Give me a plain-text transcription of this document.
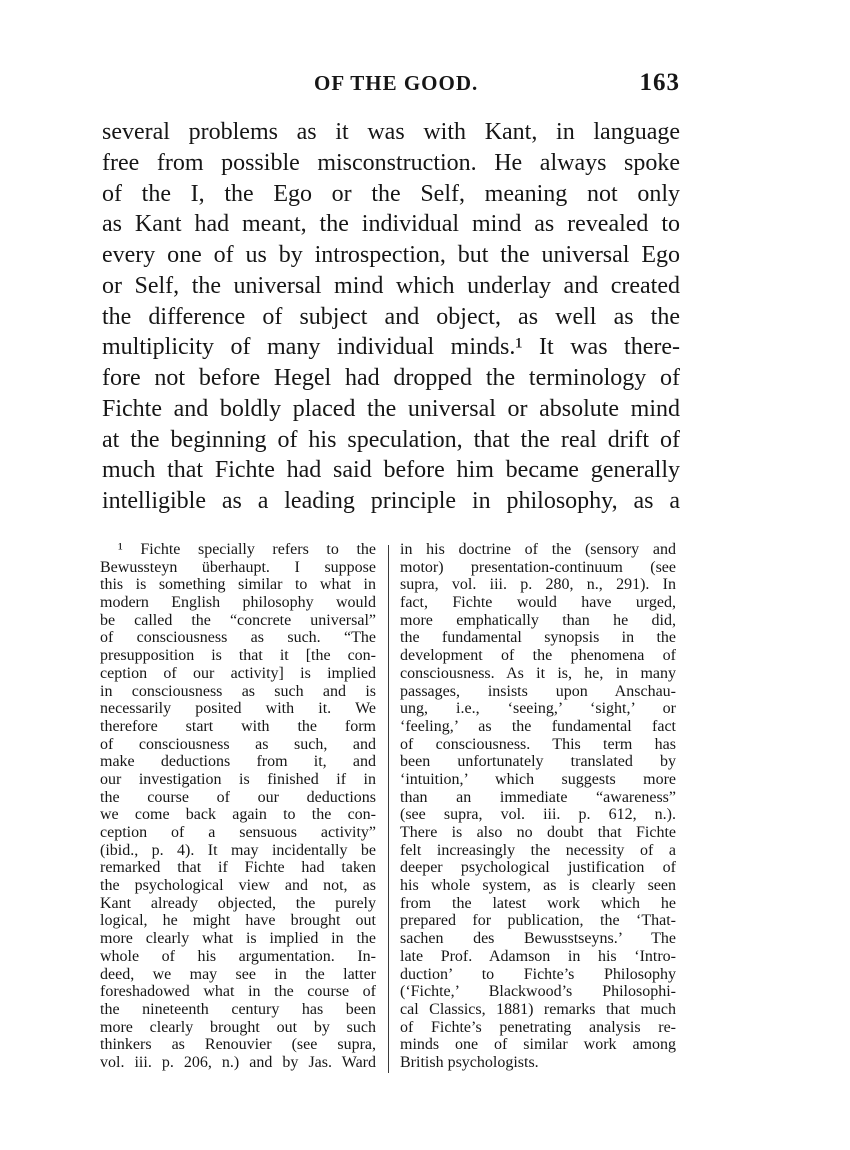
OF THE GOOD.	163
several problems as it was with Kant, in language
free from possible misconstruction. He always spoke
of the I, the Ego or the Self, meaning not only
as Kant had meant, the individual mind as revealed to
every one of us by introspection, but the universal Ego
or Self, the universal mind which underlay and created
the difference of subject and object, as well as the
multiplicity of many individual minds.¹ It was there-
fore not before Hegel had dropped the terminology of
Fichte and boldly placed the universal or absolute mind
at the beginning of his speculation, that the real drift of
much that Fichte had said before him became generally
intelligible as a leading principle in philosophy, as a
¹ Fichte specially refers to the
Bewussteyn überhaupt. I suppose
this is something similar to what in
modern English philosophy would
be called the “concrete universal”
of consciousness as such. “The
presupposition is that it [the con-
ception of our activity] is implied
in consciousness as such and is
necessarily posited with it. We
therefore start with the form
of consciousness as such, and
make deductions from it, and
our investigation is finished if in
the course of our deductions
we come back again to the con-
ception of a sensuous activity”
(ibid., p. 4). It may incidentally be
remarked that if Fichte had taken
the psychological view and not, as
Kant already objected, the purely
logical, he might have brought out
more clearly what is implied in the
whole of his argumentation. In-
deed, we may see in the latter
foreshadowed what in the course of
the nineteenth century has been
more clearly brought out by such
thinkers as Renouvier (see supra,
vol. iii. p. 206, n.) and by Jas. Ward
in his doctrine of the (sensory and
motor) presentation-continuum (see
supra, vol. iii. p. 280, n., 291). In
fact, Fichte would have urged,
more emphatically than he did,
the fundamental synopsis in the
development of the phenomena of
consciousness. As it is, he, in many
passages, insists upon Anschau-
ung, i.e., ‘seeing,’ ‘sight,’ or
‘feeling,’ as the fundamental fact
of consciousness. This term has
been unfortunately translated by
‘intuition,’ which suggests more
than an immediate “awareness”
(see supra, vol. iii. p. 612, n.).
There is also no doubt that Fichte
felt increasingly the necessity of a
deeper psychological justification of
his whole system, as is clearly seen
from the latest work which he
prepared for publication, the ‘That-
sachen des Bewusstseyns.’ The
late Prof. Adamson in his ‘Intro-
duction’ to Fichte’s Philosophy
(‘Fichte,’ Blackwood’s Philosophi-
cal Classics, 1881) remarks that much
of Fichte’s penetrating analysis re-
minds one of similar work among
British psychologists.
